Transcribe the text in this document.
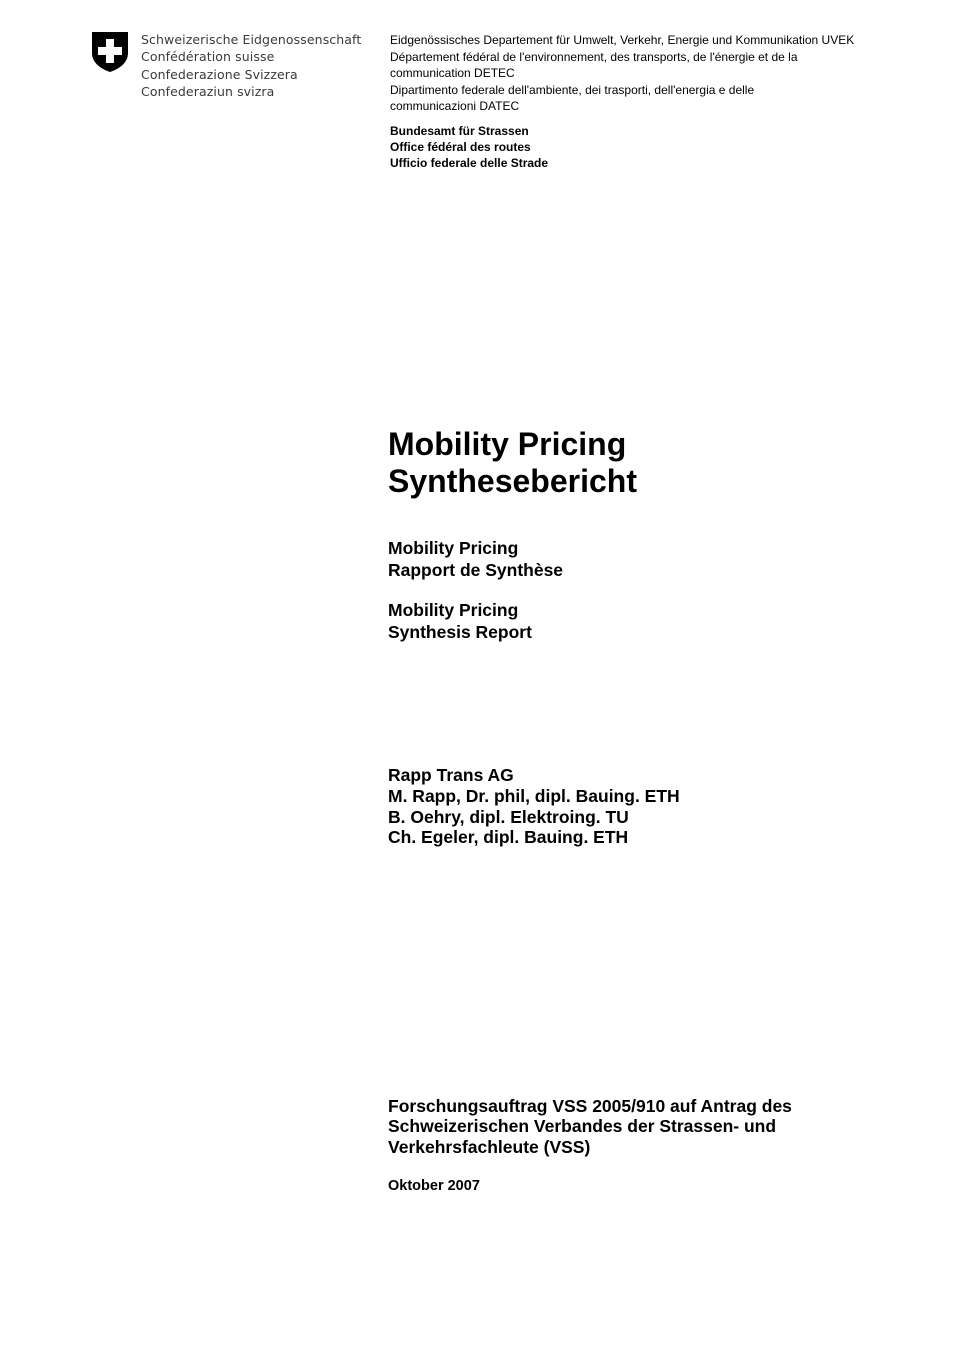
Schweizerische Eidgenossenschaft
Confédération suisse
Confederazione Svizzera
Confederaziun svizra
Eidgenössisches Departement für Umwelt, Verkehr, Energie und Kommunikation UVEK
Département fédéral de l'environnement, des transports, de l'énergie et de la
communication DETEC
Dipartimento federale dell'ambiente, dei trasporti, dell'energia e delle
communicazioni DATEC
Bundesamt für Strassen
Office fédéral des routes
Ufficio federale delle Strade
Mobility Pricing
Synthesebericht
Mobility Pricing
Rapport de Synthèse
Mobility Pricing
Synthesis Report
Rapp Trans AG
M. Rapp, Dr. phil, dipl. Bauing. ETH
B. Oehry, dipl. Elektroing. TU
Ch. Egeler, dipl. Bauing. ETH
Forschungsauftrag VSS 2005/910 auf Antrag des
Schweizerischen Verbandes der Strassen- und
Verkehrsfachleute (VSS)
Oktober 2007
